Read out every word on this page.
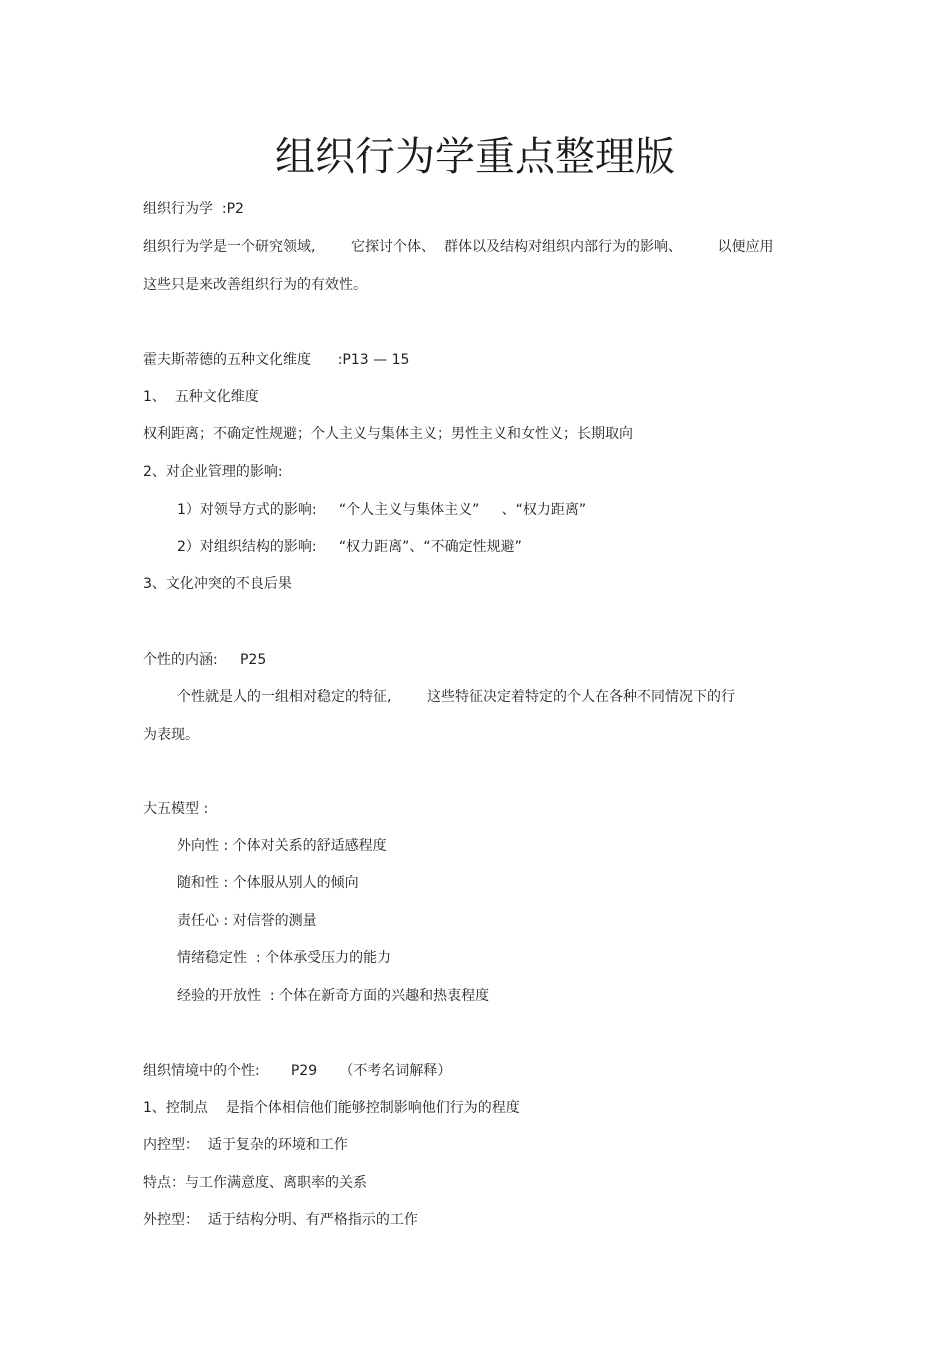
组织行为学重点整理版
组织行为学  :P2
组织行为学是一个研究领域,        它探讨个体、  群体以及结构对组织内部行为的影响、        以便应用
这些只是来改善组织行为的有效性。
霍夫斯蒂德的五种文化维度      :P13 — 15
1、  五种文化维度
权利距离；不确定性规避；个人主义与集体主义；男性主义和女性义；长期取向
2、对企业管理的影响:
1）对领导方式的影响:     “个人主义与集体主义”     、“权力距离”
2）对组织结构的影响:     “权力距离”、“不确定性规避”
3、文化冲突的不良后果
个性的内涵:     P25
个性就是人的一组相对稳定的特征,        这些特征决定着特定的个人在各种不同情况下的行
为表现。
大五模型 :
外向性 : 个体对关系的舒适感程度
随和性 : 个体服从别人的倾向
责任心 : 对信誉的测量
情绪稳定性  : 个体承受压力的能力
经验的开放性  : 个体在新奇方面的兴趣和热衷程度
组织情境中的个性:       P29     （不考名词解释）
1、控制点    是指个体相信他们能够控制影响他们行为的程度
内控型：  适于复杂的环境和工作
特点：与工作满意度、离职率的关系
外控型：  适于结构分明、有严格指示的工作
